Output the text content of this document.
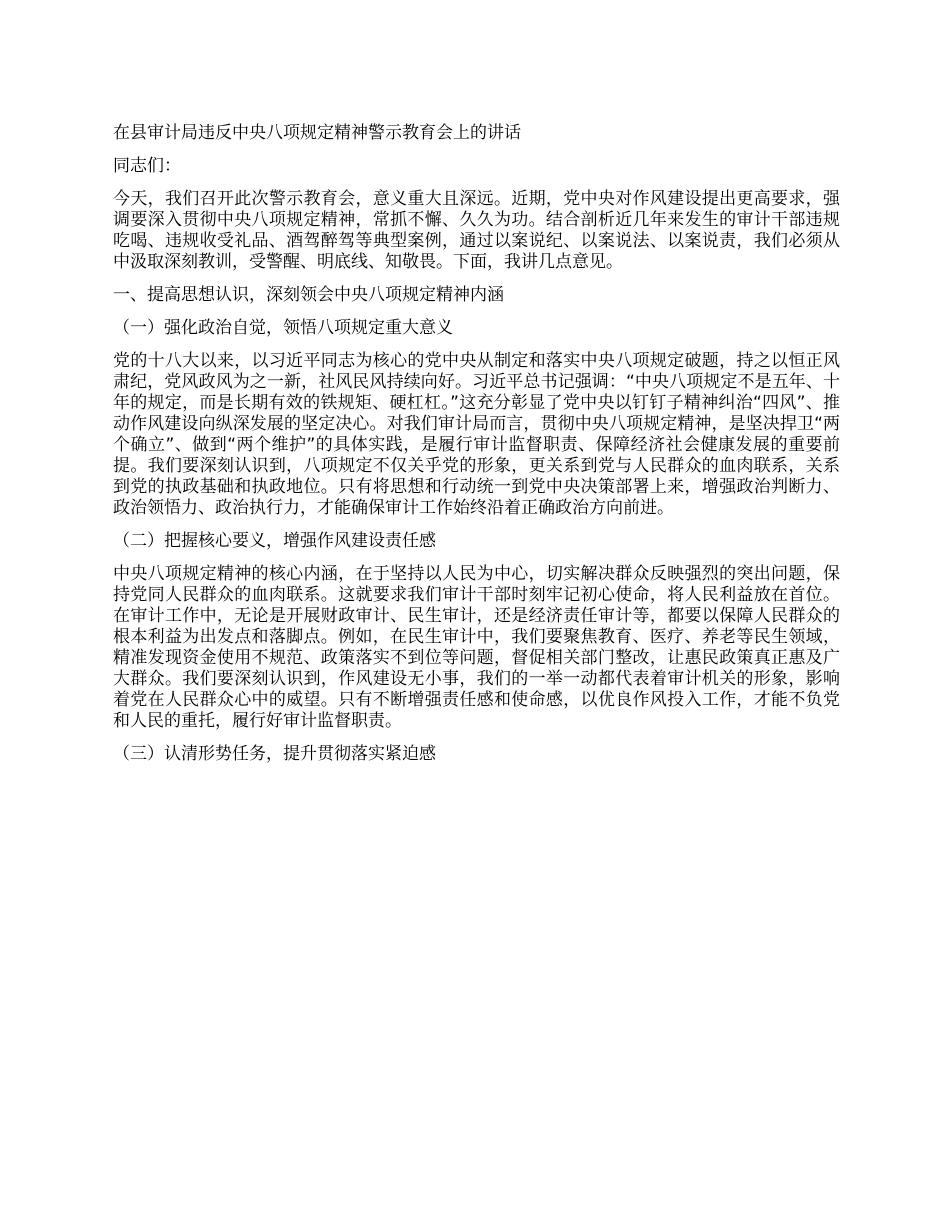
在县审计局违反中央八项规定精神警示教育会上的讲话

同志们：

今天，我们召开此次警示教育会，意义重大且深远。近期，党中央对作风建设提出更高要求，强调要深入贯彻中央八项规定精神，常抓不懈、久久为功。结合剖析近几年来发生的审计干部违规吃喝、违规收受礼品、酒驾醉驾等典型案例，通过以案说纪、以案说法、以案说责，我们必须从中汲取深刻教训，受警醒、明底线、知敬畏。下面，我讲几点意见。

一、提高思想认识，深刻领会中央八项规定精神内涵

（一）强化政治自觉，领悟八项规定重大意义

党的十八大以来，以习近平同志为核心的党中央从制定和落实中央八项规定破题，持之以恒正风肃纪，党风政风为之一新，社风民风持续向好。习近平总书记强调：“中央八项规定不是五年、十年的规定，而是长期有效的铁规矩、硬杠杠。”这充分彰显了党中央以钉钉子精神纠治“四风”、推动作风建设向纵深发展的坚定决心。对我们审计局而言，贯彻中央八项规定精神，是坚决捍卫“两个确立”、做到“两个维护”的具体实践，是履行审计监督职责、保障经济社会健康发展的重要前提。我们要深刻认识到，八项规定不仅关乎党的形象，更关系到党与人民群众的血肉联系，关系到党的执政基础和执政地位。只有将思想和行动统一到党中央决策部署上来，增强政治判断力、政治领悟力、政治执行力，才能确保审计工作始终沿着正确政治方向前进。

（二）把握核心要义，增强作风建设责任感

中央八项规定精神的核心内涵，在于坚持以人民为中心，切实解决群众反映强烈的突出问题，保持党同人民群众的血肉联系。这就要求我们审计干部时刻牢记初心使命，将人民利益放在首位。在审计工作中，无论是开展财政审计、民生审计，还是经济责任审计等，都要以保障人民群众的根本利益为出发点和落脚点。例如，在民生审计中，我们要聚焦教育、医疗、养老等民生领域，精准发现资金使用不规范、政策落实不到位等问题，督促相关部门整改，让惠民政策真正惠及广大群众。我们要深刻认识到，作风建设无小事，我们的一举一动都代表着审计机关的形象，影响着党在人民群众心中的威望。只有不断增强责任感和使命感，以优良作风投入工作，才能不负党和人民的重托，履行好审计监督职责。

（三）认清形势任务，提升贯彻落实紧迫感
